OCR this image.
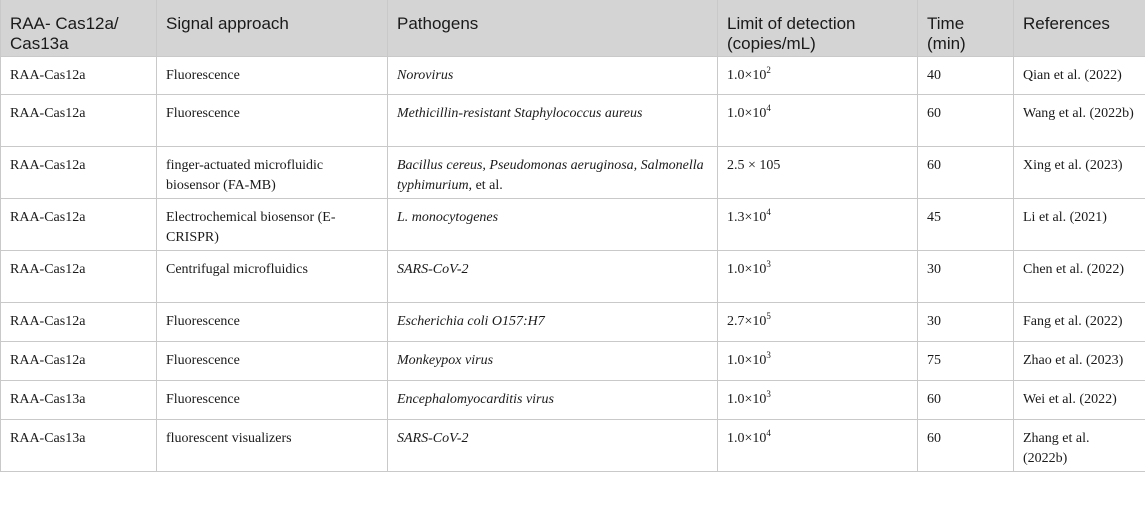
RAA- Cas12a/ Cas13a	Signal approach	Pathogens	Limit of detection (copies/mL)	Time (min)	References
RAA-Cas12a	Fluorescence	Norovirus	$1.0\times 10^2$	40	Qian et al. (2022)
RAA-Cas12a	Fluorescence	Methicillin-resistant Staphylococcus aureus	$1.0\times 10^4$	60	Wang et al. (2022b)
RAA-Cas12a	finger-actuated microfluidic biosensor (FA-MB)	Bacillus cereus, Pseudomonas aeruginosa, Salmonella typhimurium, et al.	2.5 × 105	60	Xing et al. (2023)
RAA-Cas12a	Electrochemical biosensor (E-CRISPR)	L. monocytogenes	$1.3\times 10^4$	45	Li et al. (2021)
RAA-Cas12a	Centrifugal microfluidics	SARS-CoV-2	$1.0\times 10^3$	30	Chen et al. (2022)
RAA-Cas12a	Fluorescence	Escherichia coli O157:H7	$2.7\times 10^5$	30	Fang et al. (2022)
RAA-Cas12a	Fluorescence	Monkeypox virus	$1.0\times 10^3$	75	Zhao et al. (2023)
RAA-Cas13a	Fluorescence	Encephalomyocarditis virus	$1.0\times 10^3$	60	Wei et al. (2022)
RAA-Cas13a	fluorescent visualizers	SARS-CoV-2	$1.0\times 10^4$	60	Zhang et al. (2022b)
